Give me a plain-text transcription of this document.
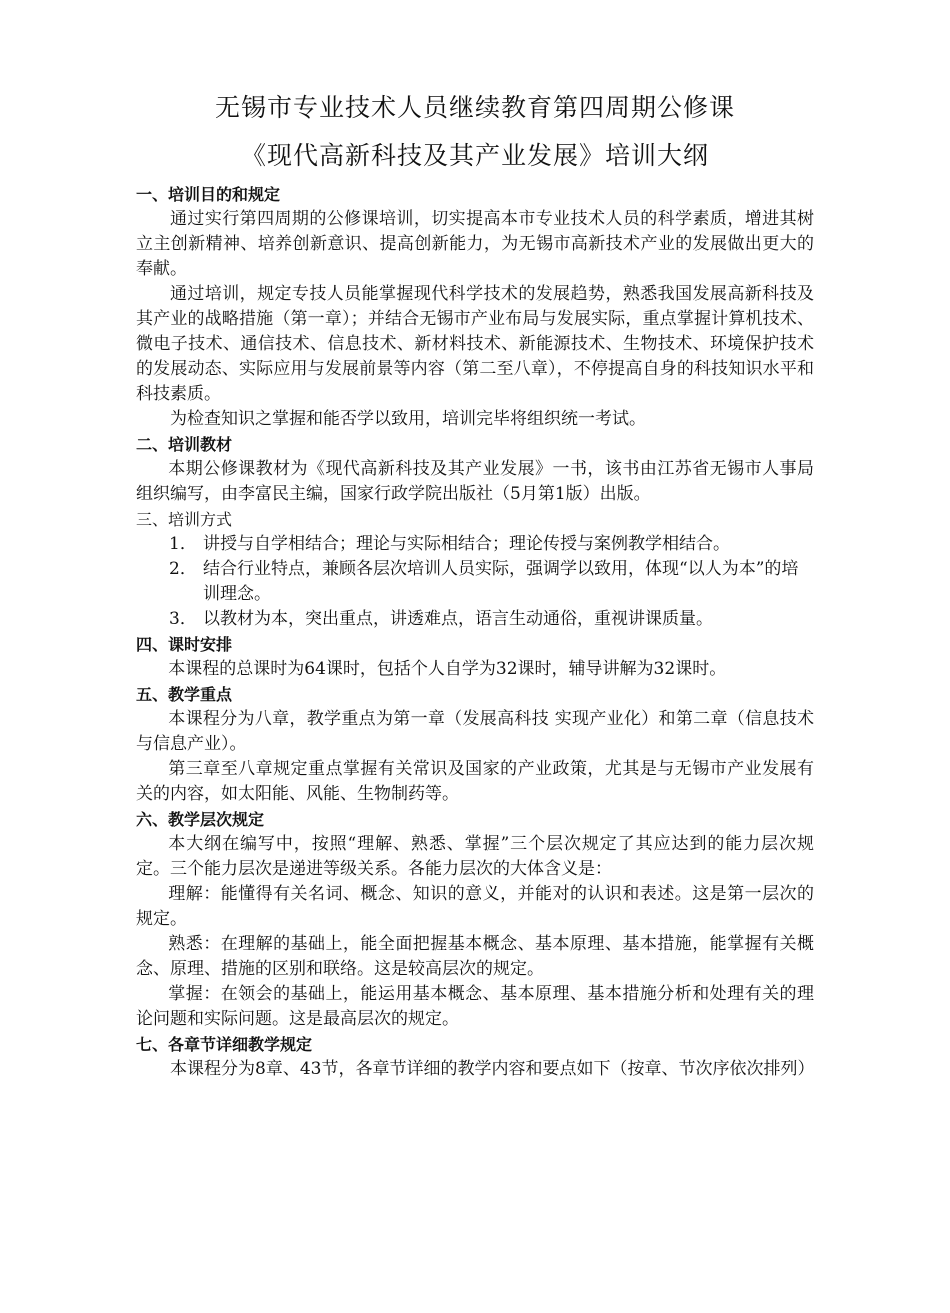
无锡市专业技术人员继续教育第四周期公修课
《现代高新科技及其产业发展》培训大纲

一、培训目的和规定

通过实行第四周期的公修课培训，切实提高本市专业技术人员的科学素质，增进其树立主创新精神、培养创新意识、提高创新能力，为无锡市高新技术产业的发展做出更大的奉献。

通过培训，规定专技人员能掌握现代科学技术的发展趋势，熟悉我国发展高新科技及其产业的战略措施（第一章）；并结合无锡市产业布局与发展实际，重点掌握计算机技术、微电子技术、通信技术、信息技术、新材料技术、新能源技术、生物技术、环境保护技术的发展动态、实际应用与发展前景等内容（第二至八章），不停提高自身的科技知识水平和科技素质。

为检查知识之掌握和能否学以致用，培训完毕将组织统一考试。

二、培训教材

本期公修课教材为《现代高新科技及其产业发展》一书，该书由江苏省无锡市人事局组织编写，由李富民主编，国家行政学院出版社（5月第1版）出版。

三、培训方式

1． 讲授与自学相结合；理论与实际相结合；理论传授与案例教学相结合。
2． 结合行业特点，兼顾各层次培训人员实际，强调学以致用，体现“以人为本”的培训理念。
3． 以教材为本，突出重点，讲透难点，语言生动通俗，重视讲课质量。

四、课时安排

本课程的总课时为64课时，包括个人自学为32课时，辅导讲解为32课时。

五、教学重点

本课程分为八章，教学重点为第一章（发展高科技 实现产业化）和第二章（信息技术与信息产业）。

第三章至八章规定重点掌握有关常识及国家的产业政策，尤其是与无锡市产业发展有关的内容，如太阳能、风能、生物制药等。

六、教学层次规定

本大纲在编写中，按照“理解、熟悉、掌握”三个层次规定了其应达到的能力层次规定。三个能力层次是递进等级关系。各能力层次的大体含义是：

理解：能懂得有关名词、概念、知识的意义，并能对的认识和表述。这是第一层次的规定。

熟悉：在理解的基础上，能全面把握基本概念、基本原理、基本措施，能掌握有关概念、原理、措施的区别和联络。这是较高层次的规定。

掌握：在领会的基础上，能运用基本概念、基本原理、基本措施分析和处理有关的理论问题和实际问题。这是最高层次的规定。

七、各章节详细教学规定

本课程分为8章、43节，各章节详细的教学内容和要点如下（按章、节次序依次排列）
